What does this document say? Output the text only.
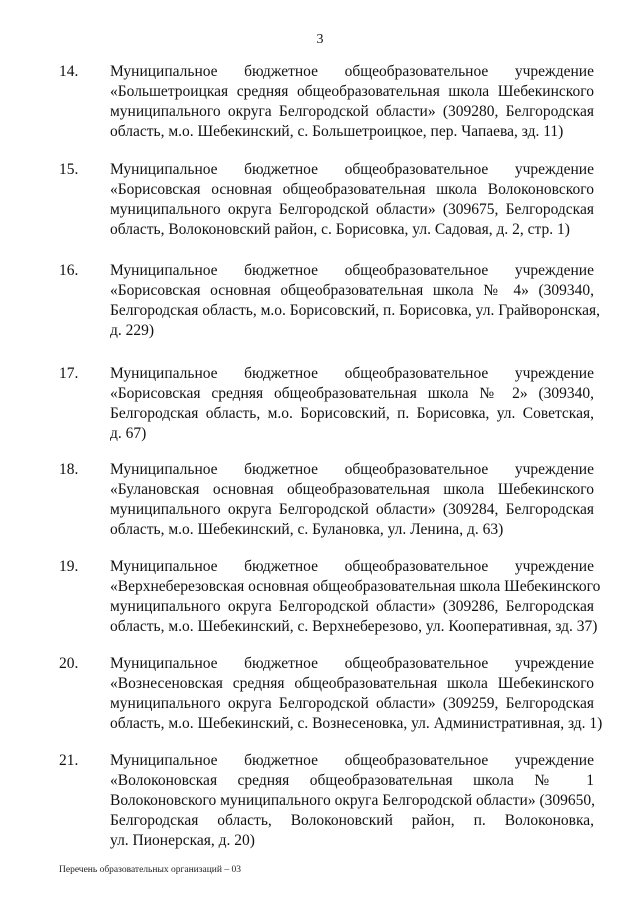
3
14. Муниципальное бюджетное общеобразовательное учреждение
«Большетроицкая средняя общеобразовательная школа Шебекинского
муниципального округа Белгородской области» (309280, Белгородская
область, м.о. Шебекинский, с. Большетроицкое, пер. Чапаева, зд. 11)
15. Муниципальное бюджетное общеобразовательное учреждение
«Борисовская основная общеобразовательная школа Волоконовского
муниципального округа Белгородской области» (309675, Белгородская
область, Волоконовский район, с. Борисовка, ул. Садовая, д. 2, стр. 1)
16. Муниципальное бюджетное общеобразовательное учреждение
«Борисовская основная общеобразовательная школа № 4» (309340,
Белгородская область, м.о. Борисовский, п. Борисовка, ул. Грайворонская,
д. 229)
17. Муниципальное бюджетное общеобразовательное учреждение
«Борисовская средняя общеобразовательная школа № 2» (309340,
Белгородская область, м.о. Борисовский, п. Борисовка, ул. Советская,
д. 67)
18. Муниципальное бюджетное общеобразовательное учреждение
«Булановская основная общеобразовательная школа Шебекинского
муниципального округа Белгородской области» (309284, Белгородская
область, м.о. Шебекинский, с. Булановка, ул. Ленина, д. 63)
19. Муниципальное бюджетное общеобразовательное учреждение
«Верхнеберезовская основная общеобразовательная школа Шебекинского
муниципального округа Белгородской области» (309286, Белгородская
область, м.о. Шебекинский, с. Верхнеберезово, ул. Кооперативная, зд. 37)
20. Муниципальное бюджетное общеобразовательное учреждение
«Вознесеновская средняя общеобразовательная школа Шебекинского
муниципального округа Белгородской области» (309259, Белгородская
область, м.о. Шебекинский, с. Вознесеновка, ул. Административная, зд. 1)
21. Муниципальное бюджетное общеобразовательное учреждение
«Волоконовская средняя общеобразовательная школа № 1
Волоконовского муниципального округа Белгородской области» (309650,
Белгородская область, Волоконовский район, п. Волоконовка,
ул. Пионерская, д. 20)
Перечень образовательных организаций – 03
